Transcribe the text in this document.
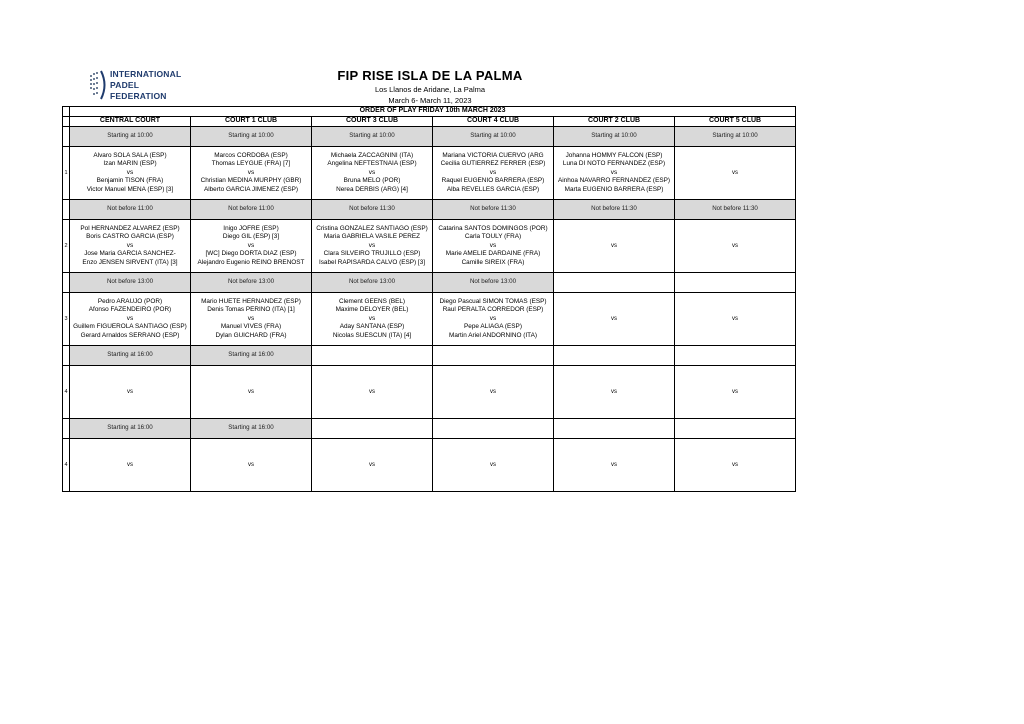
INTERNATIONAL
PADEL
FEDERATION
FIP RISE ISLA DE LA PALMA
Los Llanos de Aridane, La Palma
March 6- March 11, 2023
	ORDER OF PLAY FRIDAY 10th MARCH 2023					
	CENTRAL COURT	COURT 1 CLUB	COURT 3 CLUB	COURT 4 CLUB	COURT 2 CLUB	COURT 5 CLUB
	Starting at 10:00	Starting at 10:00	Starting at 10:00	Starting at 10:00	Starting at 10:00	Starting at 10:00
1	Alvaro SOLA SALA (ESP)
Izan MARIN (ESP)
vs
Benjamin TISON (FRA)
Victor Manuel MENA (ESP) [3]	Marcos CORDOBA (ESP)
Thomas LEYGUE (FRA) [7]
vs
Christian MEDINA MURPHY (GBR)
Alberto GARCIA JIMENEZ (ESP)	Michaela ZACCAGNINI (ITA)
Angelina NEFTESTNAIA (ESP)
vs
Bruna MELO (POR)
Nerea DERBIS (ARG) [4]	Mariana VICTORIA CUERVO (ARG
Cecilia GUTIERREZ FERRER (ESP)
vs
Raquel EUGENIO BARRERA (ESP)
Alba REVELLES GARCIA (ESP)	Johanna HOMMY FALCON (ESP)
Luna DI NOTO FERNANDEZ (ESP)
vs
Ainhoa NAVARRO FERNANDEZ (ESP)
Marta EUGENIO BARRERA (ESP)	vs
	Not before 11:00	Not before 11:00	Not before 11:30	Not before 11:30	Not before 11:30	Not before 11:30
2	Pol HERNANDEZ ALVAREZ (ESP)
Boris CASTRO GARCIA (ESP)
vs
Jose Maria GARCIA SANCHEZ-
Enzo JENSEN SIRVENT (ITA) [3]	Inigo JOFRE (ESP)
Diego GIL (ESP) [3]
vs
[WC] Diego DORTA DIAZ (ESP)
Alejandro Eugenio REINO BRENOST	Cristina GONZALEZ SANTIAGO (ESP)
Maria GABRIELA VASILE PEREZ
vs
Clara SILVEIRO TRUJILLO (ESP)
Isabel RAPISARDA CALVO (ESP) [3]	Catarina SANTOS DOMINGOS (POR)
Carla TOULY (FRA)
vs
Marie AMELIE DARDAINE (FRA)
Camille SIREIX (FRA)	vs	vs
	Not before 13:00	Not before 13:00	Not before 13:00	Not before 13:00		
3	Pedro ARAUJO (POR)
Afonso FAZENDEIRO (POR)
vs
Guillem FIGUEROLA SANTIAGO (ESP)
Gerard Arnaldos SERRANO (ESP)	Mario HUETE HERNANDEZ (ESP)
Denis Tomas PERINO (ITA) [1]
vs
Manuel VIVES (FRA)
Dylan GUICHARD (FRA)	Clement GEENS (BEL)
Maxime DELOYER (BEL)
vs
Aday SANTANA (ESP)
Nicolas SUESCUN (ITA) [4]	Diego Pascual SIMON TOMAS (ESP)
Raul PERALTA CORREDOR (ESP)
vs
Pepe ALIAGA (ESP)
Martin Ariel ANDORNINO (ITA)	vs	vs
	Starting at 16:00	Starting at 16:00				
4	vs	vs	vs	vs	vs	vs
	Starting at 16:00	Starting at 16:00				
4	vs	vs	vs	vs	vs	vs
